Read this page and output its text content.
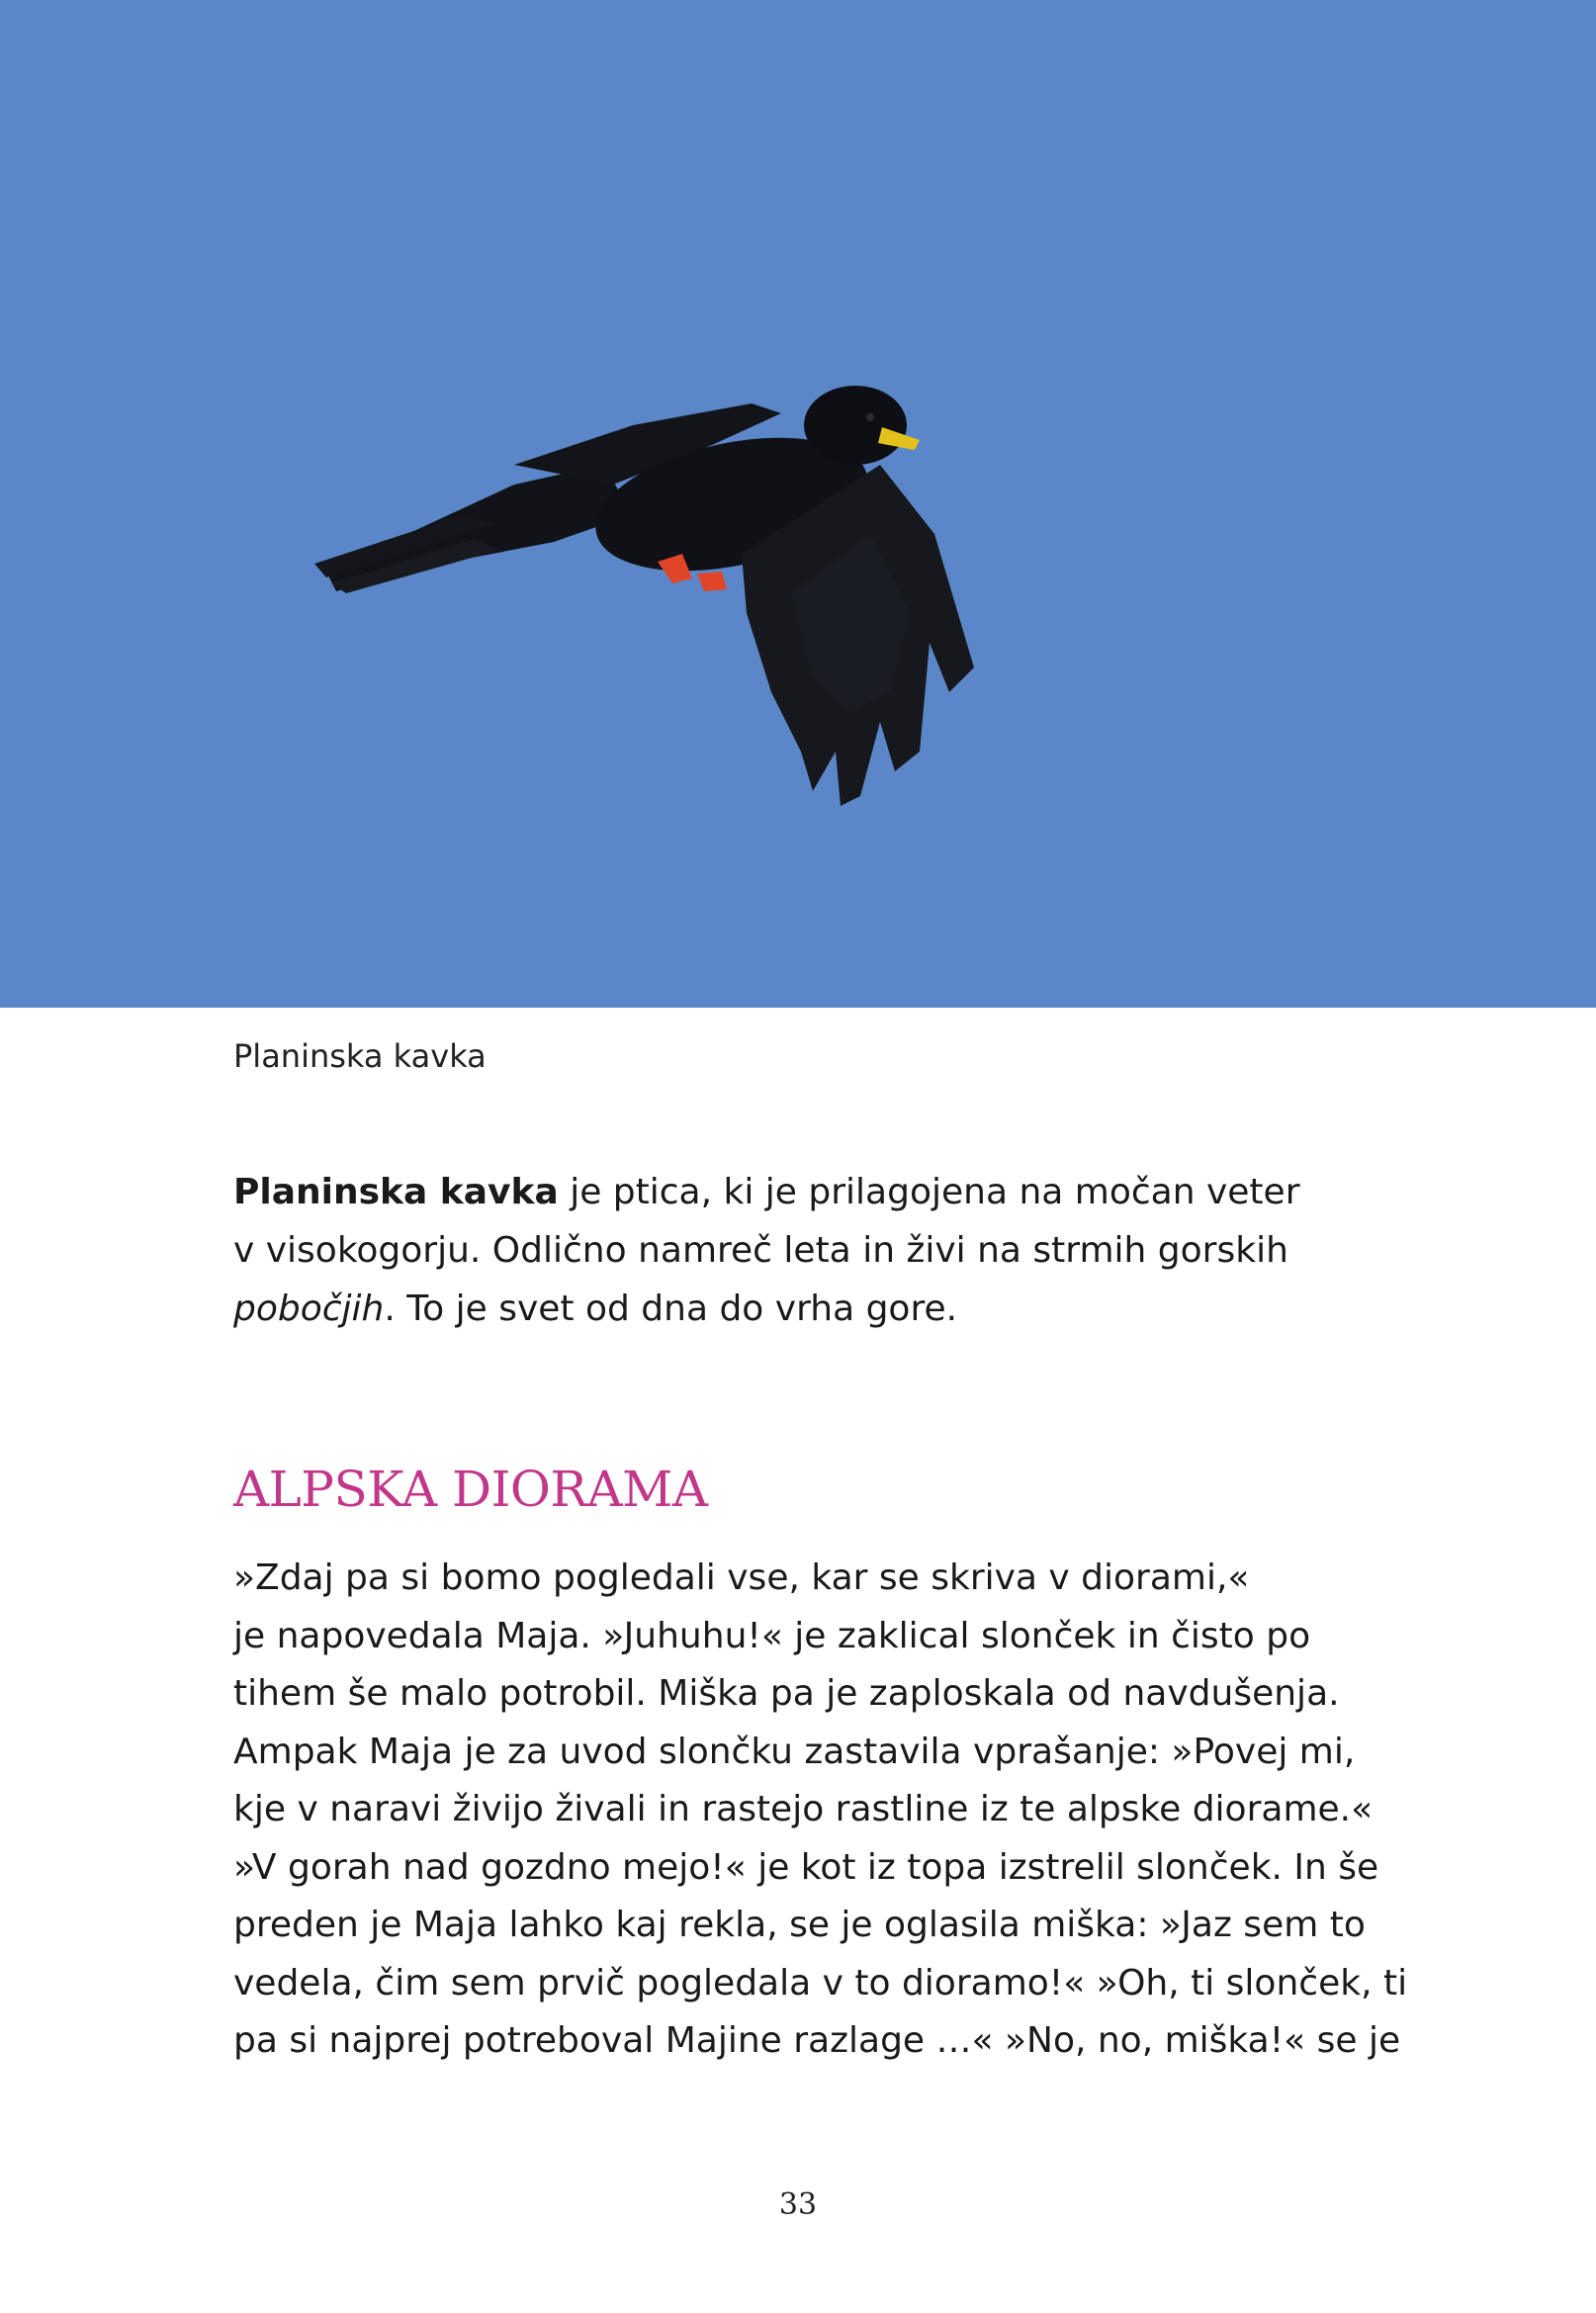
Planinska kavka
Planinska kavka je ptica, ki je prilagojena na močan veter
v visokogorju. Odlično namreč leta in živi na strmih gorskih
pobočjih. To je svet od dna do vrha gore.
ALPSKA DIORAMA
»Zdaj pa si bomo pogledali vse, kar se skriva v diorami,«
je napovedala Maja. »Juhuhu!« je zaklical slonček in čisto po
tihem še malo potrobil. Miška pa je zaploskala od navdušenja.
Ampak Maja je za uvod slončku zastavila vprašanje: »Povej mi,
kje v naravi živijo živali in rastejo rastline iz te alpske diorame.«
»V gorah nad gozdno mejo!« je kot iz topa izstrelil slonček. In še
preden je Maja lahko kaj rekla, se je oglasila miška: »Jaz sem to
vedela, čim sem prvič pogledala v to dioramo!« »Oh, ti slonček, ti
pa si najprej potreboval Majine razlage …« »No, no, miška!« se je
33
